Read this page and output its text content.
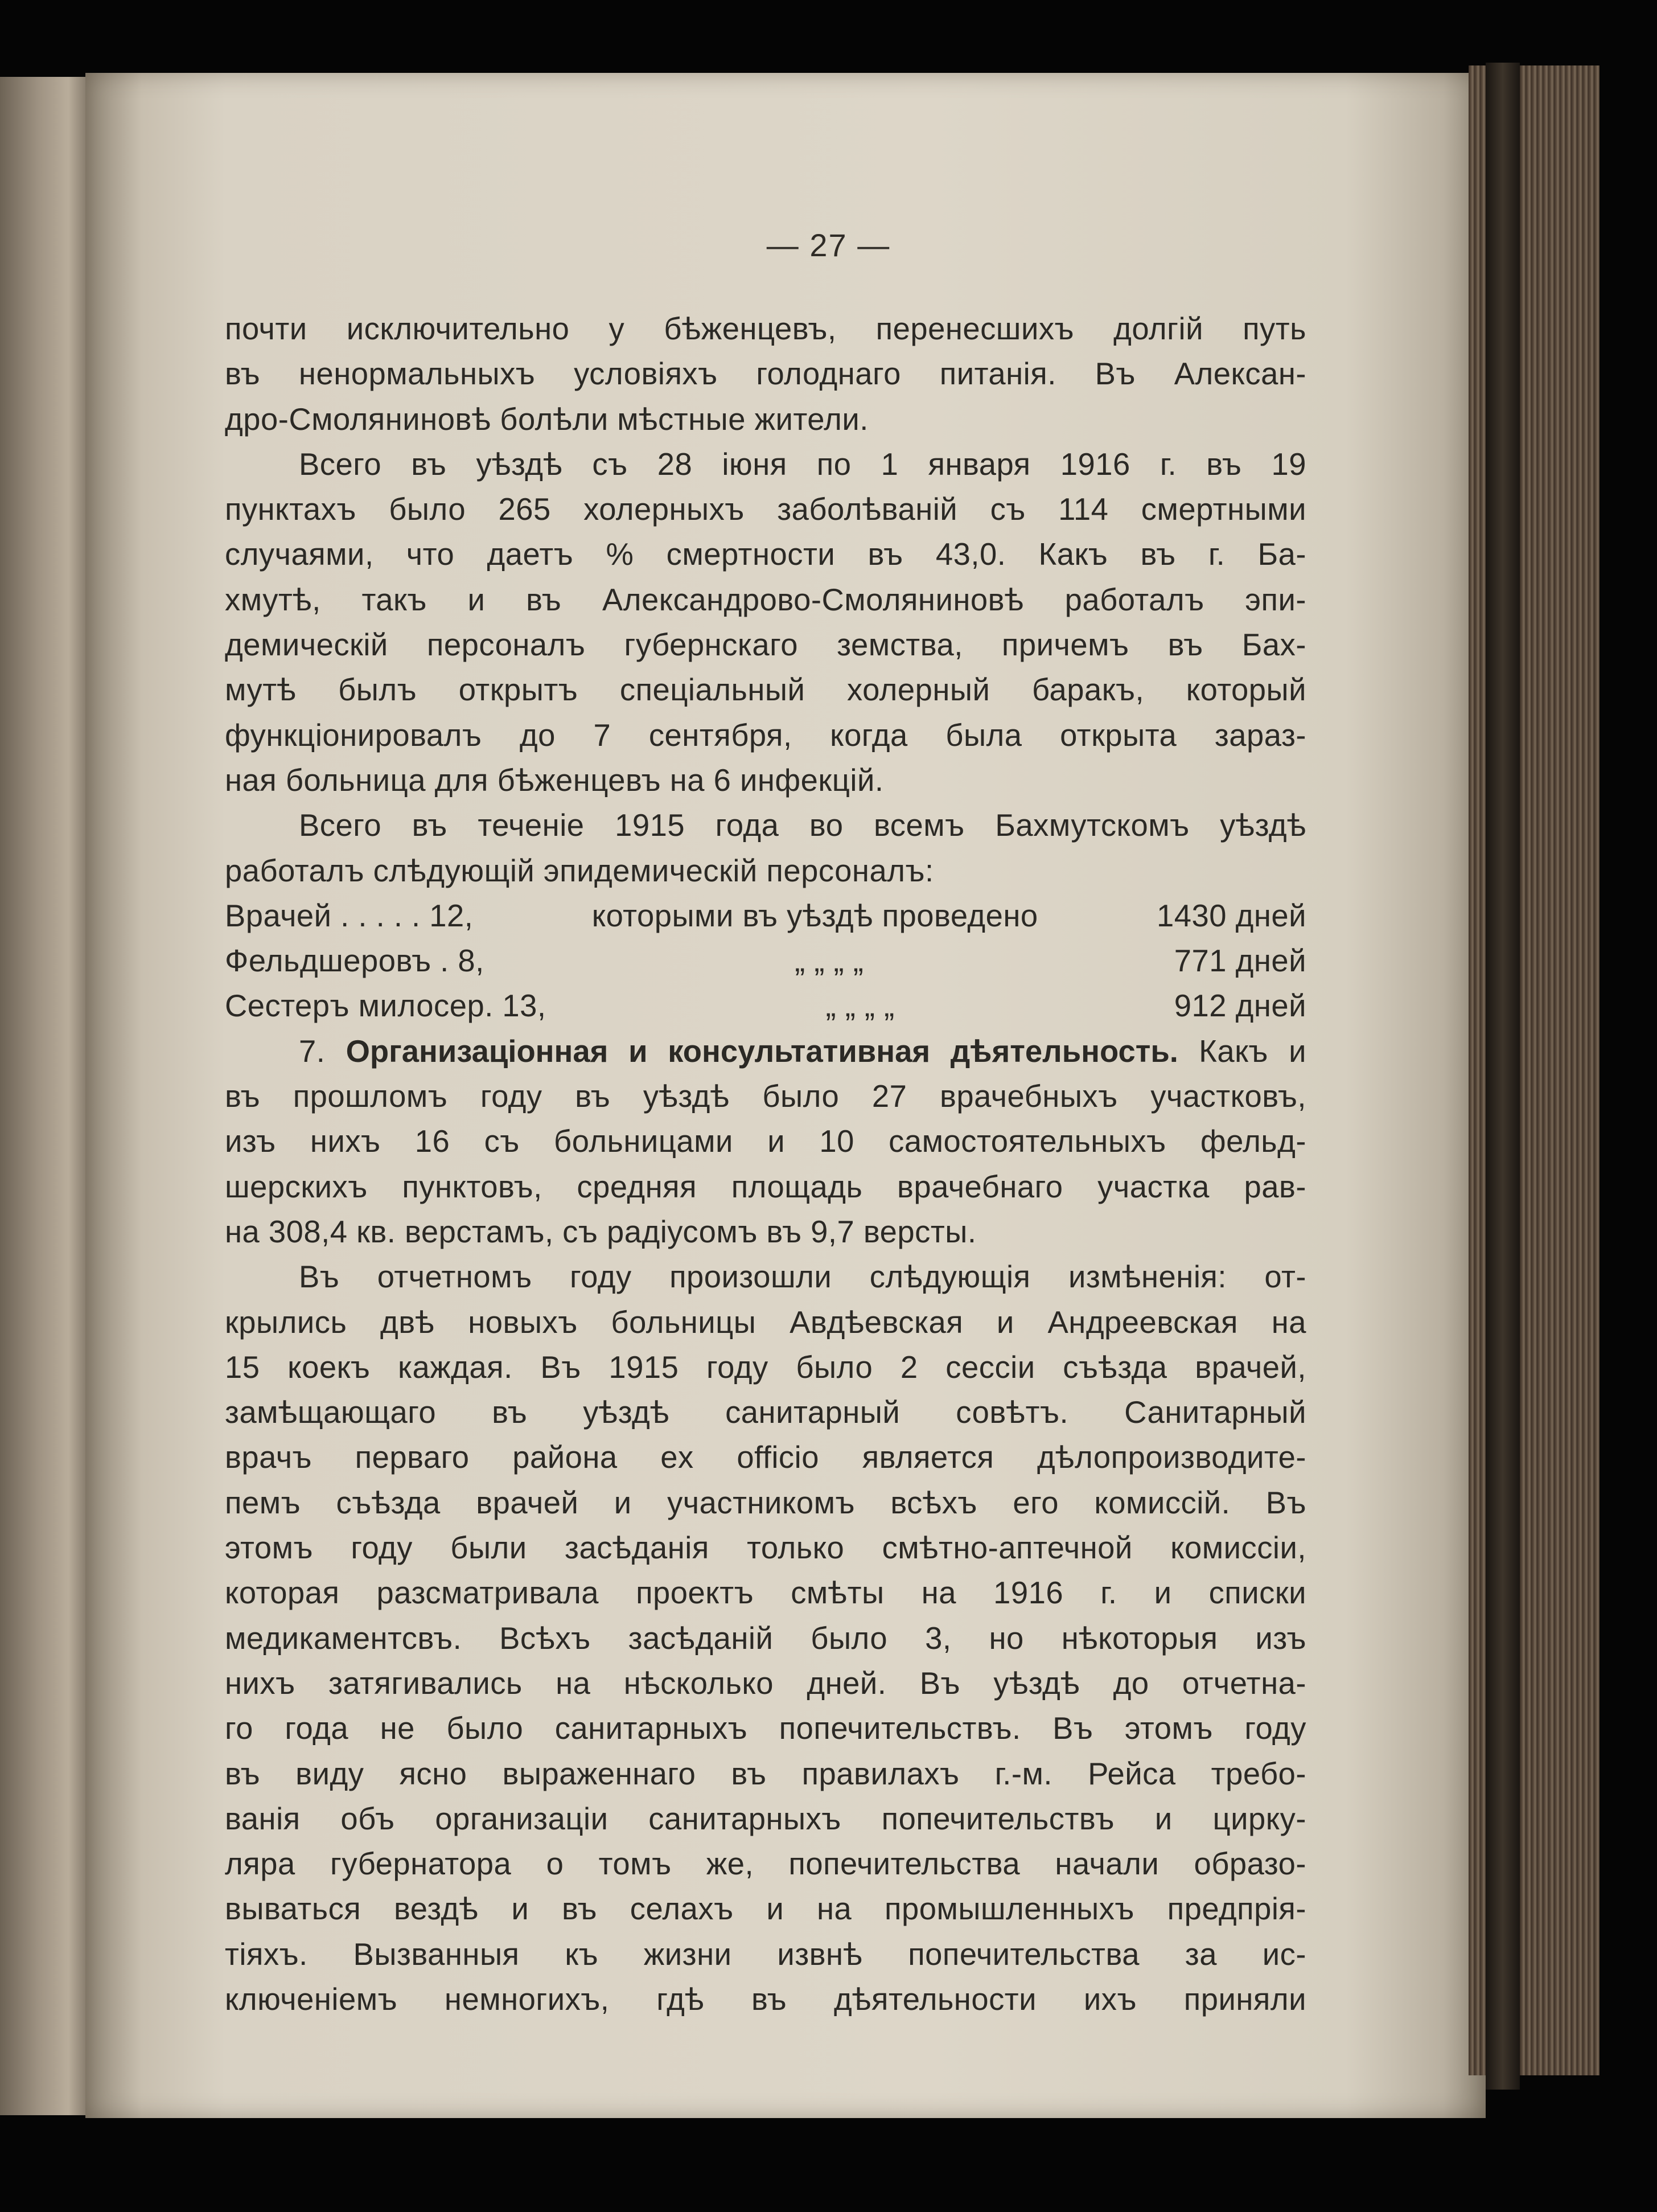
— 27 —
почти исключительно у бѣженцевъ, перенесшихъ долгій путь
въ ненормальныхъ условіяхъ голоднаго питанія. Въ Алексан-
дро-Смоляниновѣ болѣли мѣстные жители.
Всего въ уѣздѣ съ 28 іюня по 1 января 1916 г. въ 19
пунктахъ было 265 холерныхъ заболѣваній съ 114 смертными
случаями, что даетъ % смертности въ 43,0. Какъ въ г. Ба-
хмутѣ, такъ и въ Александрово-Смоляниновѣ работалъ эпи-
демическій персоналъ губернскаго земства, причемъ въ Бах-
мутѣ былъ открытъ спеціальный холерный баракъ, который
функціонировалъ до 7 сентября, когда была открыта зараз-
ная больница для бѣженцевъ на 6 инфекцій.
Всего въ теченіе 1915 года во всемъ Бахмутскомъ уѣздѣ
работалъ слѣдующій эпидемическій персоналъ:
Врачей . . . . . 12,	которыми въ уѣздѣ проведено	1430 дней
Фельдшеровъ . 8,	„ „ „ „	771 дней
Сестеръ милосер. 13,	„ „ „ „	912 дней
7. Организаціонная и консультативная дѣятельность. Какъ и
въ прошломъ году въ уѣздѣ было 27 врачебныхъ участковъ,
изъ нихъ 16 съ больницами и 10 самостоятельныхъ фельд-
шерскихъ пунктовъ, средняя площадь врачебнаго участка рав-
на 308,4 кв. верстамъ, съ радіусомъ въ 9,7 версты.
Въ отчетномъ году произошли слѣдующія измѣненія: от-
крылись двѣ новыхъ больницы Авдѣевская и Андреевская на
15 коекъ каждая. Въ 1915 году было 2 сессіи съѣзда врачей,
замѣщающаго въ уѣздѣ санитарный совѣтъ. Санитарный
врачъ перваго района ex officio является дѣлопроизводите-
пемъ съѣзда врачей и участникомъ всѣхъ его комиссій. Въ
этомъ году были засѣданія только смѣтно-аптечной комиссіи,
которая разсматривала проектъ смѣты на 1916 г. и списки
медикаментсвъ. Всѣхъ засѣданій было 3, но нѣкоторыя изъ
нихъ затягивались на нѣсколько дней. Въ уѣздѣ до отчетна-
го года не было санитарныхъ попечительствъ. Въ этомъ году
въ виду ясно выраженнаго въ правилахъ г.-м. Рейса требо-
ванія объ организаціи санитарныхъ попечительствъ и цирку-
ляра губернатора о томъ же, попечительства начали образо-
вываться вездѣ и въ селахъ и на промышленныхъ предпрія-
тіяхъ. Вызванныя къ жизни извнѣ попечительства за ис-
ключеніемъ немногихъ, гдѣ въ дѣятельности ихъ приняли
